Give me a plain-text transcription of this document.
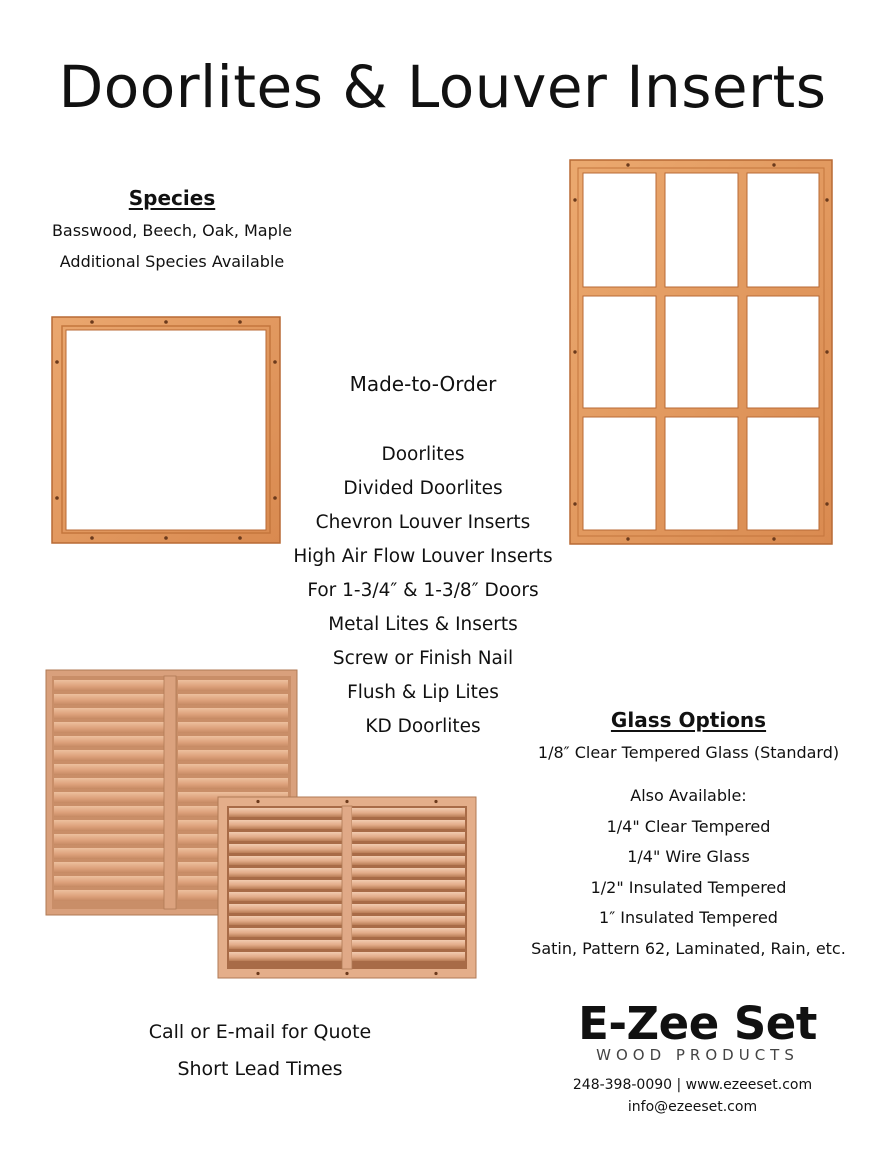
Doorlites & Louver Inserts
Species
Basswood, Beech, Oak, Maple
Additional Species Available
Made-to-Order
Doorlites
Divided Doorlites
Chevron Louver Inserts
High Air Flow Louver Inserts
For 1-3/4″ & 1-3/8″ Doors
Metal Lites & Inserts
Screw or Finish Nail
Flush & Lip Lites
KD Doorlites	Glass Options
1/8″ Clear Tempered Glass (Standard)
Also Available:
1/4" Clear Tempered
1/4" Wire Glass
1/2" Insulated Tempered
1″ Insulated Tempered
Satin, Pattern 62, Laminated, Rain, etc.
Call or E-mail for Quote
Short Lead Times
E-Zee Set
WOOD PRODUCTS
248-398-0090 | www.ezeeset.com
info@ezeeset.com
